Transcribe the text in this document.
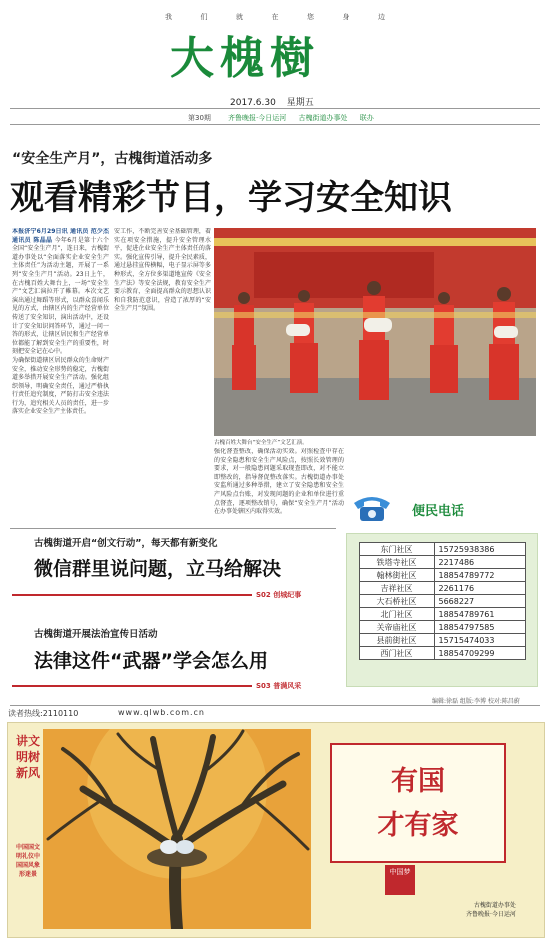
我	们	就	在	您	身	边
大槐樹
2017.6.30 星期五
第30期 齐鲁晚报·今日运河 古槐街道办事处 联办
“安全生产月”，古槐街道活动多
观看精彩节目，学习安全知识
本报济宁6月29日讯 通讯员 范少杰 通讯员 陈晶晶 今年6月是第十六个全国“安全生产月”，连日来，古槐街道办事处以“全面落实企业安全生产主体责任”为活动主题，开展了一系列“安全生产月”活动。23日上午，在古槐百姓大舞台上，一场“安全生产”文艺汇演拉开了帷幕。本次文艺演出通过舞蹈等形式，以群众喜闻乐见的方式，由辖区内的生产经营单位传送了安全知识，演出活动中，还设计了安全知识问答环节，通过一问一答的形式，让辖区居民和生产经营单位都能了解到安全生产的重要性，时刻把安全记在心中。
为确保街道辖区居民群众的生命财产安全，推动安全形势的稳定，古槐街道多举措开展安全生产活动。强化组织领导，明确安全责任，通过严格执行责任追究制度，严防打击安全违法行为，追究相关人员的责任，进一步落实企业安全生产主体责任。
安工作，不断完善安全基础管理，着实在项安全措施，提升安全管理水平，促进企业安全生产主体责任的落实。强化宣传引导，提升全民素质，通过悬挂宣传横幅，电子显示屏等多种形式，全方位多渠道地宣传《安全生产法》等安全法规，教育安全生产要示教育，全面提高群众的思想认识和自我防范意识，营造了浓厚的“安全生产月”氛围。
强化督查整改，确保活动实效。对照检查中存在的安全隐患和安全生产风险点，按照长效管理的要求，对一般隐患问题采取现查即改，对不能立即整改的，指导督促整改落实。古槐街道办事处安监所通过多种举措，建立了安全隐患和安全生产风险点台账，对发现问题的企业和单位进行重点督查，逐项整改销号，确保“安全生产月”活动在办事处辖区内取得实效。
古槐百姓大舞台“安全生产”文艺汇演。
便民电话
东门社区	15725938386
铁塔寺社区	2217486
翰林街社区	18854789772
吉祥社区	2261176
大石桥社区	5668227
北门社区	18854789761
关帝庙社区	18854797585
县前街社区	15715474033
西门社区	18854709299
古槐街道开启“创文行动”，每天都有新变化
微信群里说问题，立马给解决
S02 创城纪事
古槐街道开展法治宣传日活动
法律这件“武器”学会怎么用
S03 普满风采
编辑:徐磊 组版:李博 校对:陈昌蔚
读者热线:2110110	www.qlwb.com.cn
讲文明树新风
中国国文明礼仪中国国风象形迷景
有国
才有家
中国梦
古槐街道办事处
齐鲁晚报·今日运河
